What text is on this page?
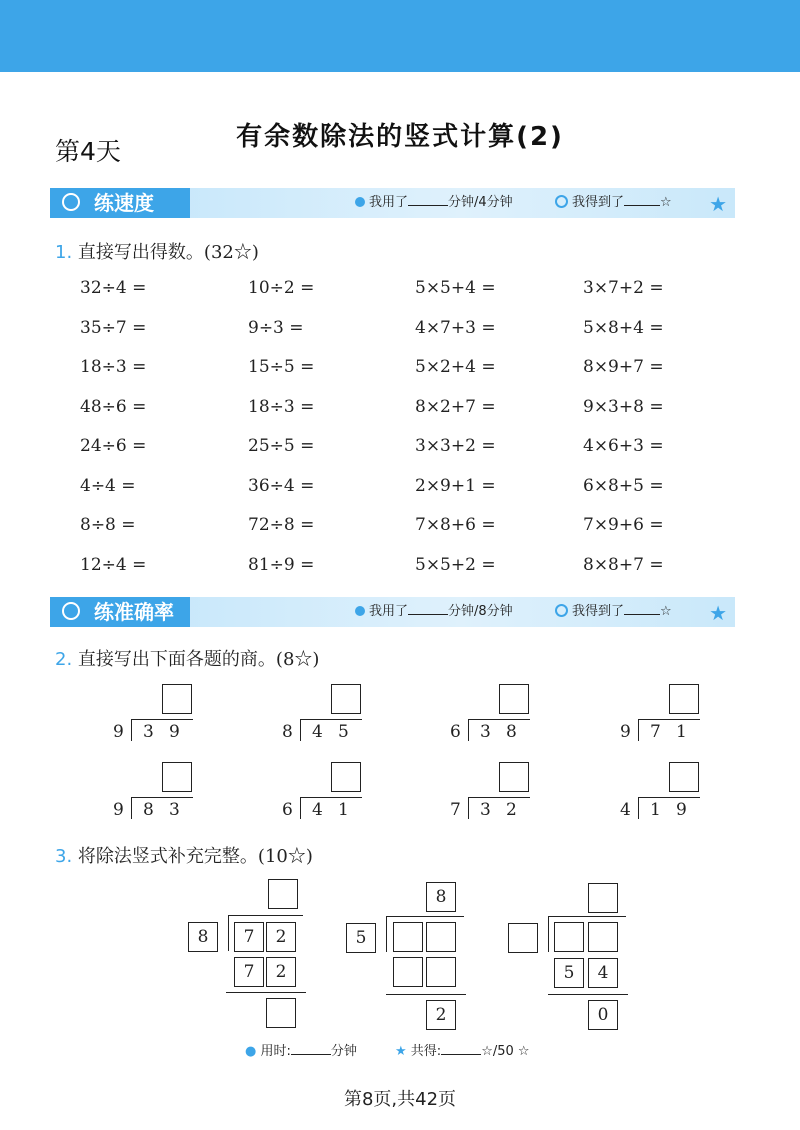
第4天	有余数除法的竖式计算(2)
练速度	我用了	分钟/4分钟	我得到了	☆ ★
1. 直接写出得数。(32☆)
32÷4 =	10÷2 =	5×5+4 =	3×7+2 =
35÷7 =	9÷3 =	4×7+3 =	5×8+4 =
18÷3 =	15÷5 =	5×2+4 =	8×9+7 =
48÷6 =	18÷3 =	8×2+7 =	9×3+8 =
24÷6 =	25÷5 =	3×3+2 =	4×6+3 =
4÷4 =	36÷4 =	2×9+1 =	6×8+5 =
8÷8 =	72÷8 =	7×8+6 =	7×9+6 =
12÷4 =	81÷9 =	5×5+2 =	8×8+7 =
练准确率	我用了	分钟/8分钟	我得到了	☆ ★
2. 直接写出下面各题的商。(8☆)
9 3 9	8 4 5	6 3 8	9 7 1
9 8 3	6 4 1	7 3 2	4 1 9
3. 将除法竖式补充完整。(10☆)
8	7	2
7	2
8
5
2
5	4
0
● 用时:	分钟	★ 共得:	☆/50 ☆
第8页,共42页
